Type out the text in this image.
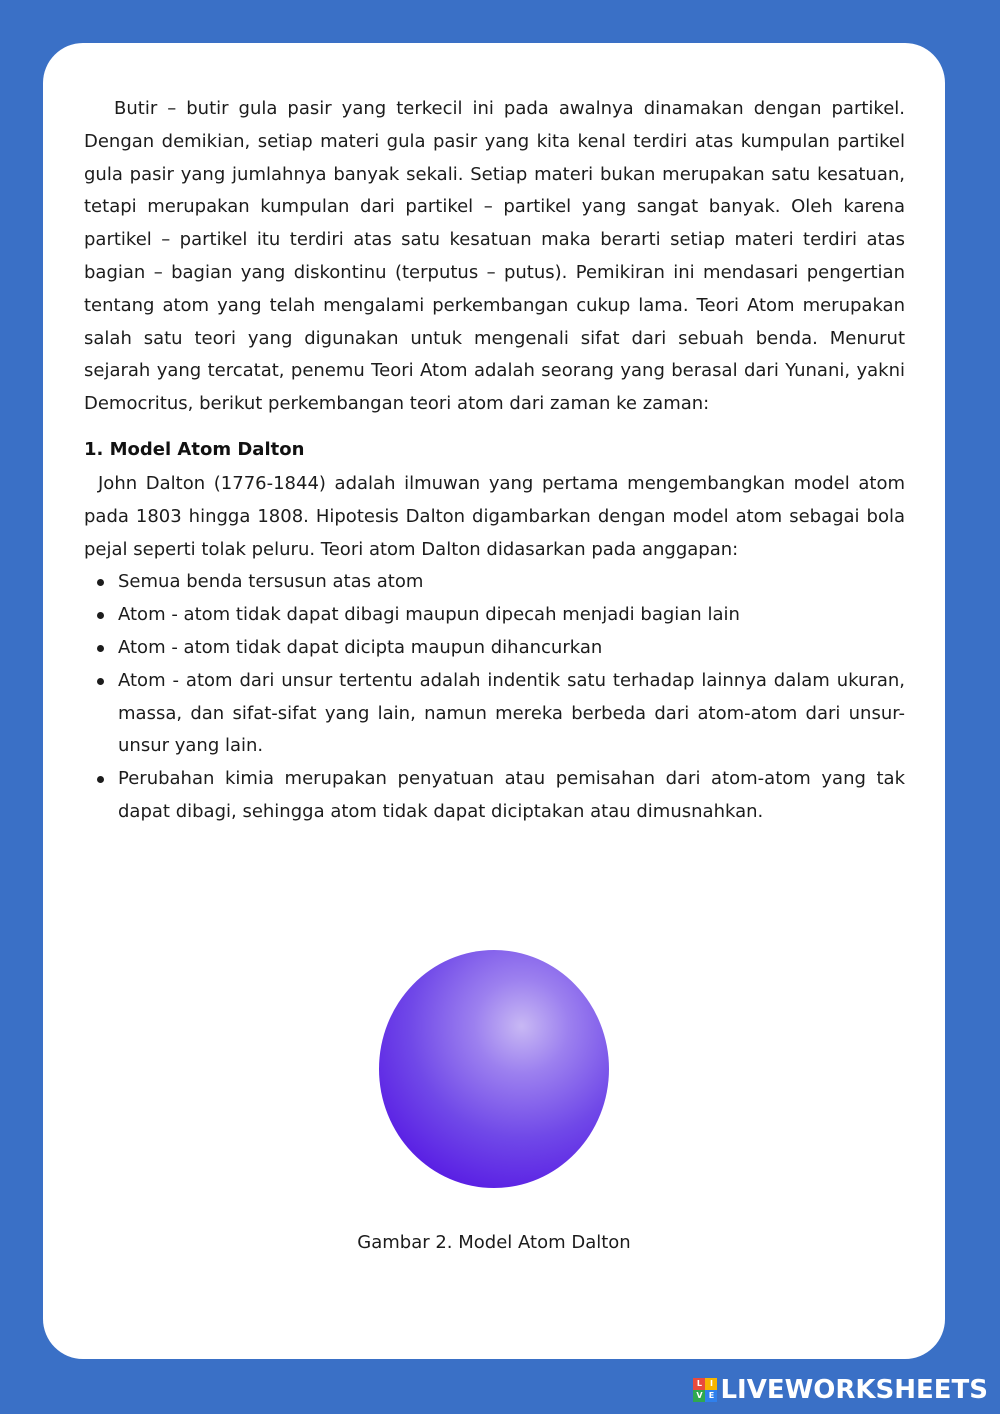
Butir – butir gula pasir yang terkecil ini pada awalnya dinamakan dengan partikel. Dengan demikian, setiap materi gula pasir yang kita kenal terdiri atas kumpulan partikel gula pasir yang jumlahnya banyak sekali. Setiap materi bukan merupakan satu kesatuan, tetapi merupakan kumpulan dari partikel – partikel yang sangat banyak. Oleh karena partikel – partikel itu terdiri atas satu kesatuan maka berarti setiap materi terdiri atas bagian – bagian yang diskontinu (terputus – putus). Pemikiran ini mendasari pengertian tentang atom yang telah mengalami perkembangan cukup lama. Teori Atom merupakan salah satu teori yang digunakan untuk mengenali sifat dari sebuah benda. Menurut sejarah yang tercatat, penemu Teori Atom adalah seorang yang berasal dari Yunani, yakni Democritus, berikut perkembangan teori atom dari zaman ke zaman:

1. Model Atom Dalton

John Dalton (1776-1844) adalah ilmuwan yang pertama mengembangkan model atom pada 1803 hingga 1808. Hipotesis Dalton digambarkan dengan model atom sebagai bola pejal seperti tolak peluru. Teori atom Dalton didasarkan pada anggapan:

Semua benda tersusun atas atom
Atom - atom tidak dapat dibagi maupun dipecah menjadi bagian lain
Atom - atom tidak dapat dicipta maupun dihancurkan
Atom - atom dari unsur tertentu adalah indentik satu terhadap lainnya dalam ukuran, massa, dan sifat-sifat yang lain, namun mereka berbeda dari atom-atom dari unsur-unsur yang lain.
Perubahan kimia merupakan penyatuan atau pemisahan dari atom-atom yang tak dapat dibagi, sehingga atom tidak dapat diciptakan atau dimusnahkan.
Gambar 2. Model Atom Dalton
L I
V E LIVEWORKSHEETS
